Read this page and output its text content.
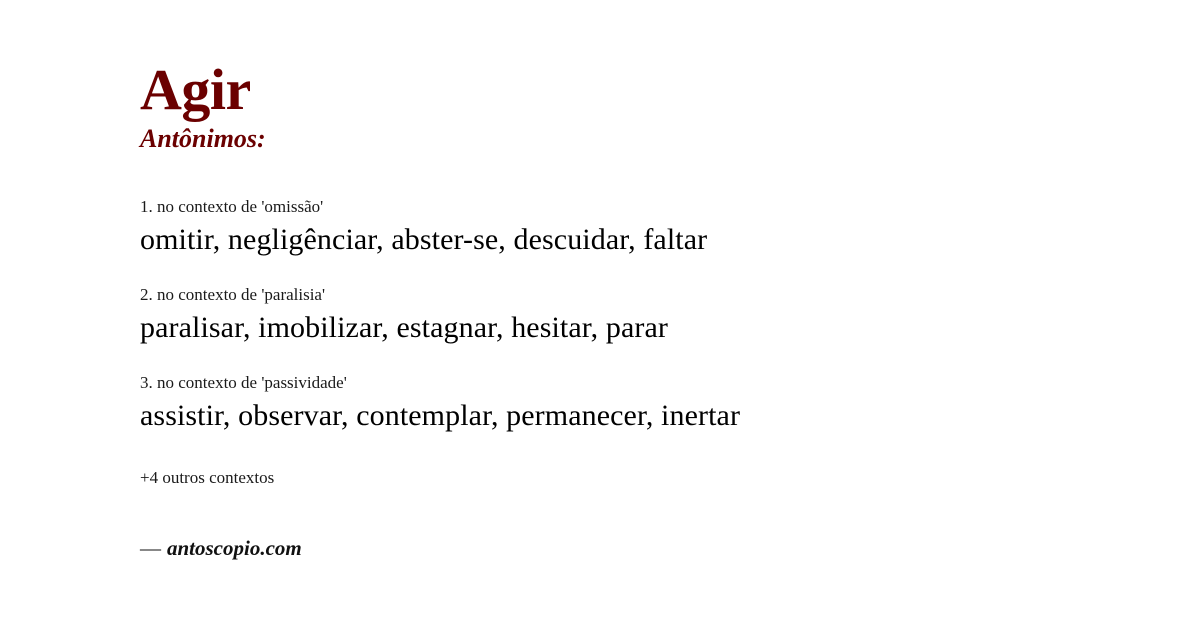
Agir
Antônimos:
1. no contexto de 'omissão'
omitir, negligênciar, abster-se, descuidar, faltar
2. no contexto de 'paralisia'
paralisar, imobilizar, estagnar, hesitar, parar
3. no contexto de 'passividade'
assistir, observar, contemplar, permanecer, inertar
+4 outros contextos
— antoscopio.com
